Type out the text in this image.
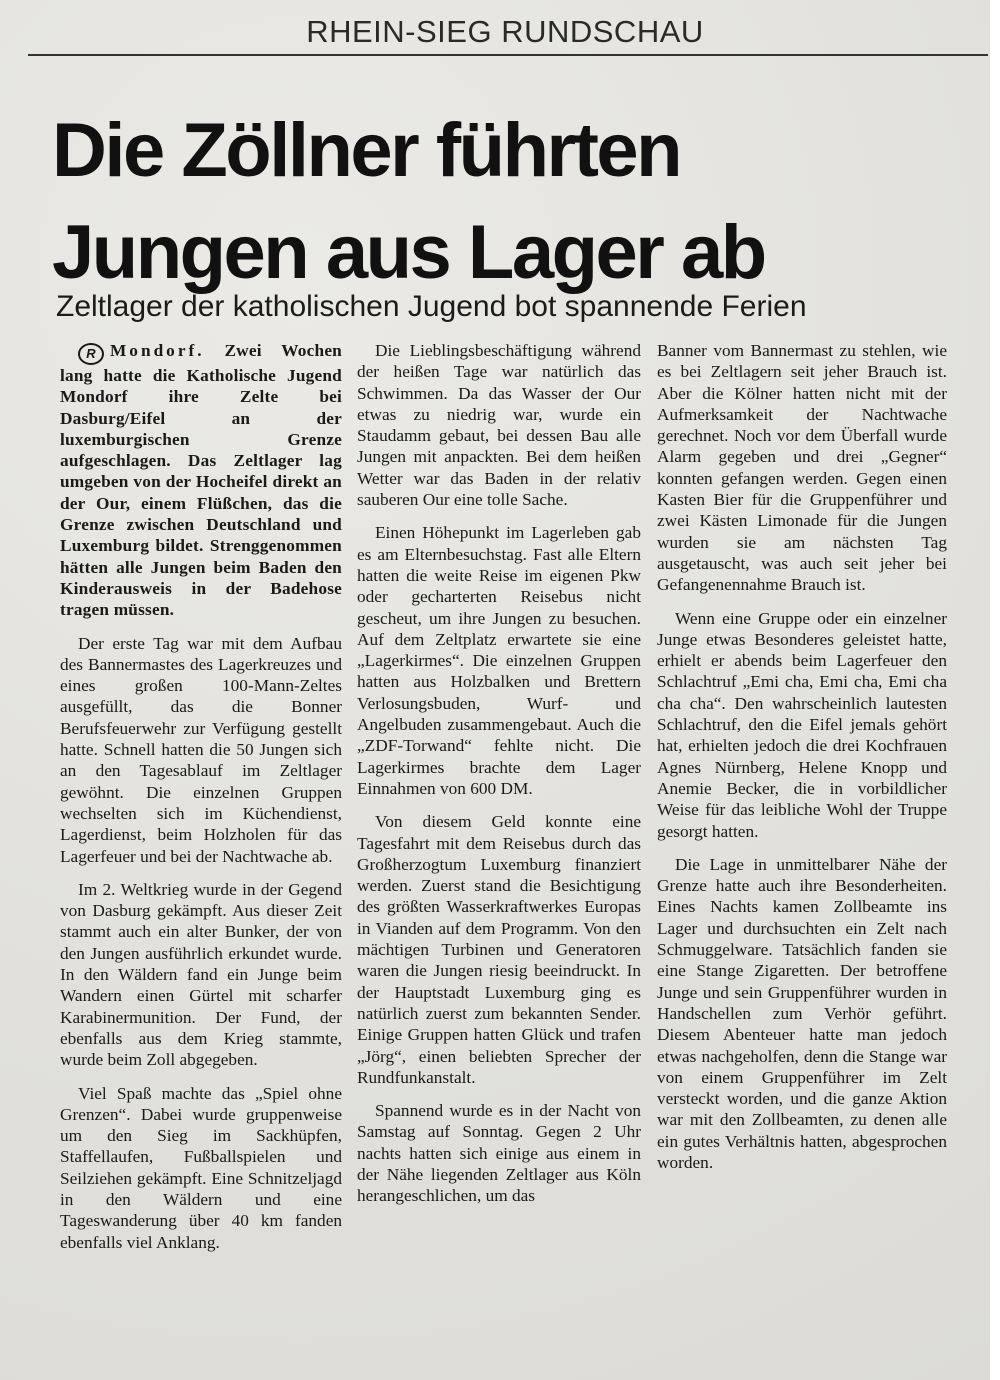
RHEIN-SIEG RUNDSCHAU
Die Zöllner führten
Jungen aus Lager ab
Zeltlager der katholischen Jugend bot spannende Ferien

R Mondorf. Zwei Wochen lang hatte die Katholische Jugend Mondorf ihre Zelte bei Dasburg/Eifel an der luxemburgischen Grenze aufgeschlagen. Das Zeltlager lag umgeben von der Hocheifel direkt an der Our, einem Flüßchen, das die Grenze zwischen Deutschland und Luxemburg bildet. Strenggenommen hätten alle Jungen beim Baden den Kinderausweis in der Badehose tragen müssen.

Der erste Tag war mit dem Aufbau des Bannermastes des Lagerkreuzes und eines großen 100-Mann-Zeltes ausgefüllt, das die Bonner Berufsfeuerwehr zur Verfügung gestellt hatte. Schnell hatten die 50 Jungen sich an den Tagesablauf im Zeltlager gewöhnt. Die einzelnen Gruppen wechselten sich im Küchendienst, Lagerdienst, beim Holzholen für das Lagerfeuer und bei der Nachtwache ab.

Im 2. Weltkrieg wurde in der Gegend von Dasburg gekämpft. Aus dieser Zeit stammt auch ein alter Bunker, der von den Jungen ausführlich erkundet wurde. In den Wäldern fand ein Junge beim Wandern einen Gürtel mit scharfer Karabinermunition. Der Fund, der ebenfalls aus dem Krieg stammte, wurde beim Zoll abgegeben.

Viel Spaß machte das „Spiel ohne Grenzen“. Dabei wurde gruppenweise um den Sieg im Sackhüpfen, Staffellaufen, Fußballspielen und Seilziehen gekämpft. Eine Schnitzeljagd in den Wäldern und eine Tageswanderung über 40 km fanden ebenfalls viel Anklang.

Die Lieblingsbeschäftigung während der heißen Tage war natürlich das Schwimmen. Da das Wasser der Our etwas zu niedrig war, wurde ein Staudamm gebaut, bei dessen Bau alle Jungen mit anpackten. Bei dem heißen Wetter war das Baden in der relativ sauberen Our eine tolle Sache.

Einen Höhepunkt im Lagerleben gab es am Elternbesuchstag. Fast alle Eltern hatten die weite Reise im eigenen Pkw oder gecharterten Reisebus nicht gescheut, um ihre Jungen zu besuchen. Auf dem Zeltplatz erwartete sie eine „Lagerkirmes“. Die einzelnen Gruppen hatten aus Holzbalken und Brettern Verlosungsbuden, Wurf- und Angelbuden zusammengebaut. Auch die „ZDF-Torwand“ fehlte nicht. Die Lagerkirmes brachte dem Lager Einnahmen von 600 DM.

Von diesem Geld konnte eine Tagesfahrt mit dem Reisebus durch das Großherzogtum Luxemburg finanziert werden. Zuerst stand die Besichtigung des größten Wasserkraftwerkes Europas in Vianden auf dem Programm. Von den mächtigen Turbinen und Generatoren waren die Jungen riesig beeindruckt. In der Hauptstadt Luxemburg ging es natürlich zuerst zum bekannten Sender. Einige Gruppen hatten Glück und trafen „Jörg“, einen beliebten Sprecher der Rundfunkanstalt.

Spannend wurde es in der Nacht von Samstag auf Sonntag. Gegen 2 Uhr nachts hatten sich einige aus einem in der Nähe liegenden Zeltlager aus Köln herangeschlichen, um das

Banner vom Bannermast zu stehlen, wie es bei Zeltlagern seit jeher Brauch ist. Aber die Kölner hatten nicht mit der Aufmerksamkeit der Nachtwache gerechnet. Noch vor dem Überfall wurde Alarm gegeben und drei „Gegner“ konnten gefangen werden. Gegen einen Kasten Bier für die Gruppenführer und zwei Kästen Limonade für die Jungen wurden sie am nächsten Tag ausgetauscht, was auch seit jeher bei Gefangenennahme Brauch ist.

Wenn eine Gruppe oder ein einzelner Junge etwas Besonderes geleistet hatte, erhielt er abends beim Lagerfeuer den Schlachtruf „Emi cha, Emi cha, Emi cha cha cha“. Den wahrscheinlich lautesten Schlachtruf, den die Eifel jemals gehört hat, erhielten jedoch die drei Kochfrauen Agnes Nürnberg, Helene Knopp und Anemie Becker, die in vorbildlicher Weise für das leibliche Wohl der Truppe gesorgt hatten.

Die Lage in unmittelbarer Nähe der Grenze hatte auch ihre Besonderheiten. Eines Nachts kamen Zollbeamte ins Lager und durchsuchten ein Zelt nach Schmuggelware. Tatsächlich fanden sie eine Stange Zigaretten. Der betroffene Junge und sein Gruppenführer wurden in Handschellen zum Verhör geführt. Diesem Abenteuer hatte man jedoch etwas nachgeholfen, denn die Stange war von einem Gruppenführer im Zelt versteckt worden, und die ganze Aktion war mit den Zollbeamten, zu denen alle ein gutes Verhältnis hatten, abgesprochen worden.
